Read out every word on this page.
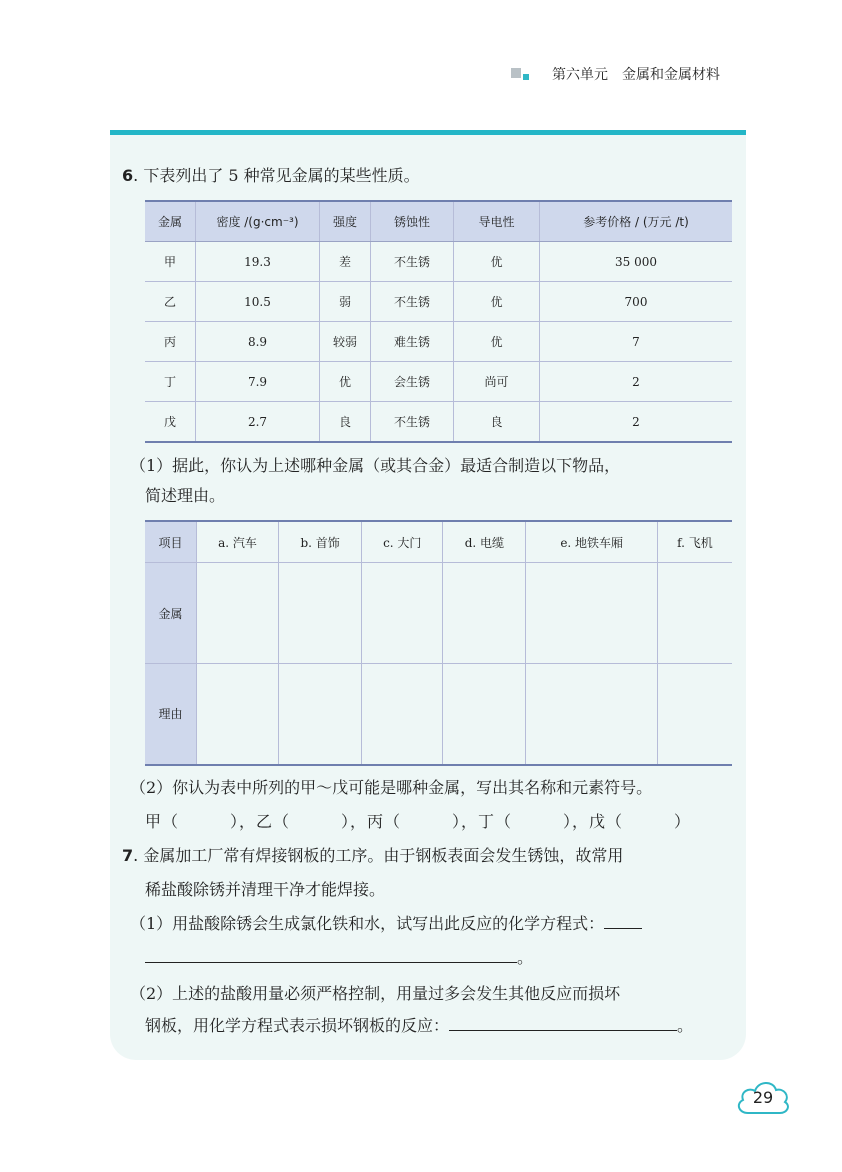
第六单元　金属和金属材料
6. 下表列出了 5 种常见金属的某些性质。
金属	密度 /(g·cm⁻³)	强度	锈蚀性	导电性	参考价格 / (万元 /t)
甲	19.3	差	不生锈	优	35 000
乙	10.5	弱	不生锈	优	700
丙	8.9	较弱	难生锈	优	7
丁	7.9	优	会生锈	尚可	2
戊	2.7	良	不生锈	良	2
（1）据此，你认为上述哪种金属（或其合金）最适合制造以下物品，
简述理由。
项目	a. 汽车	b. 首饰	c. 大门	d. 电缆	e. 地铁车厢	f. 飞机
金属						
理由						
（2）你认为表中所列的甲～戊可能是哪种金属，写出其名称和元素符号。
甲（　　　），乙（　　　），丙（　　　），丁（　　　），戊（　　　）
7. 金属加工厂常有焊接钢板的工序。由于钢板表面会发生锈蚀，故常用
稀盐酸除锈并清理干净才能焊接。
（1）用盐酸除锈会生成氯化铁和水，试写出此反应的化学方程式：
。
（2）上述的盐酸用量必须严格控制，用量过多会发生其他反应而损坏
钢板，用化学方程式表示损坏钢板的反应：	。
29
